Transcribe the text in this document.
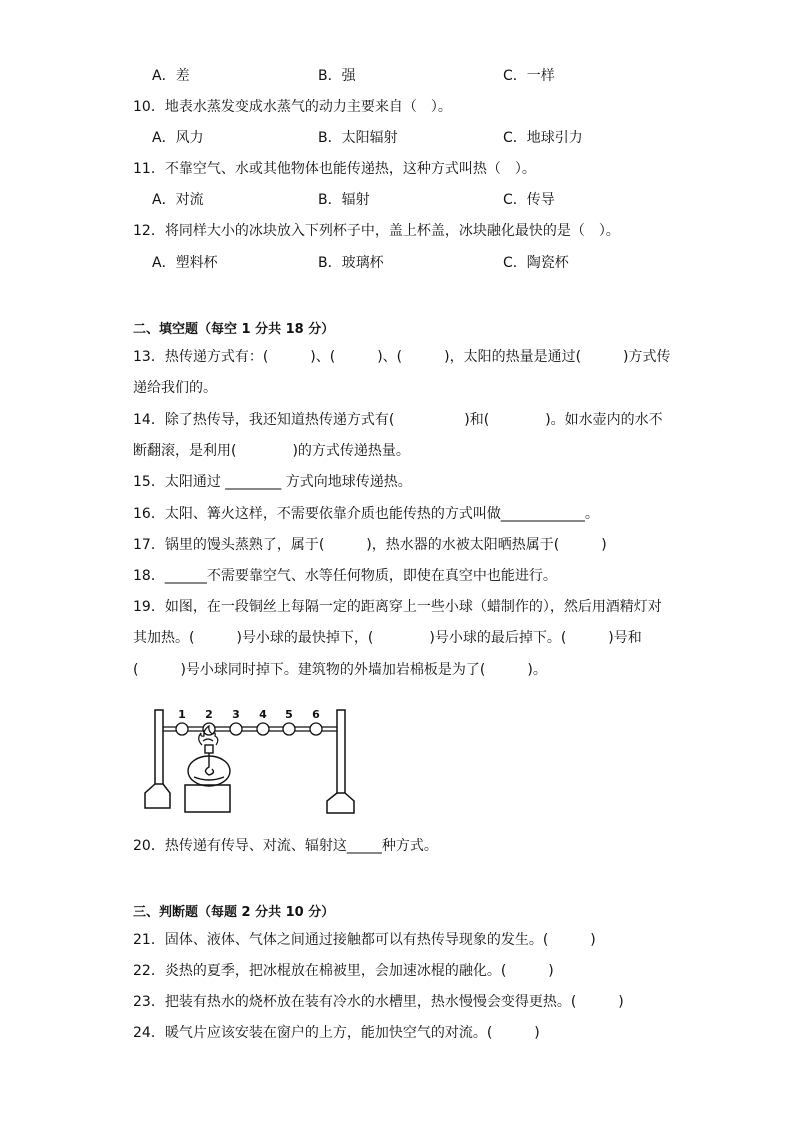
A．差	B．强	C．一样
10．地表水蒸发变成水蒸气的动力主要来自（　）。
A．风力	B．太阳辐射	C．地球引力
11．不靠空气、水或其他物体也能传递热，这种方式叫热（　）。
A．对流	B．辐射	C．传导
12．将同样大小的冰块放入下列杯子中，盖上杯盖，冰块融化最快的是（　）。
A．塑料杯	B．玻璃杯	C．陶瓷杯
二、填空题（每空 1 分共 18 分）
13．热传递方式有：(　　　)、(　　　)、(　　　)，太阳的热量是通过(　　　)方式传
递给我们的。
14．除了热传导，我还知道热传递方式有(　　　　　)和(　　　　)。如水壶内的水不
断翻滚，是利用(　　　　)的方式传递热量。
15．太阳通过 ________ 方式向地球传递热。
16．太阳、篝火这样，不需要依靠介质也能传热的方式叫做____________。
17．锅里的馒头蒸熟了，属于(　　　)，热水器的水被太阳晒热属于(　　　)
18．______不需要靠空气、水等任何物质，即使在真空中也能进行。
19．如图，在一段铜丝上每隔一定的距离穿上一些小球（蜡制作的），然后用酒精灯对
其加热。(　　　)号小球的最快掉下，(　　　　)号小球的最后掉下。(　　　)号和
(　　　)号小球同时掉下。建筑物的外墙加岩棉板是为了(　　　)。
1 2 3 4 5 6
20．热传递有传导、对流、辐射这_____种方式。
三、判断题（每题 2 分共 10 分）
21．固体、液体、气体之间通过接触都可以有热传导现象的发生。(　　　)
22．炎热的夏季，把冰棍放在棉被里，会加速冰棍的融化。(　　　)
23．把装有热水的烧杯放在装有冷水的水槽里，热水慢慢会变得更热。(　　　)
24．暖气片应该安装在窗户的上方，能加快空气的对流。(　　　)
